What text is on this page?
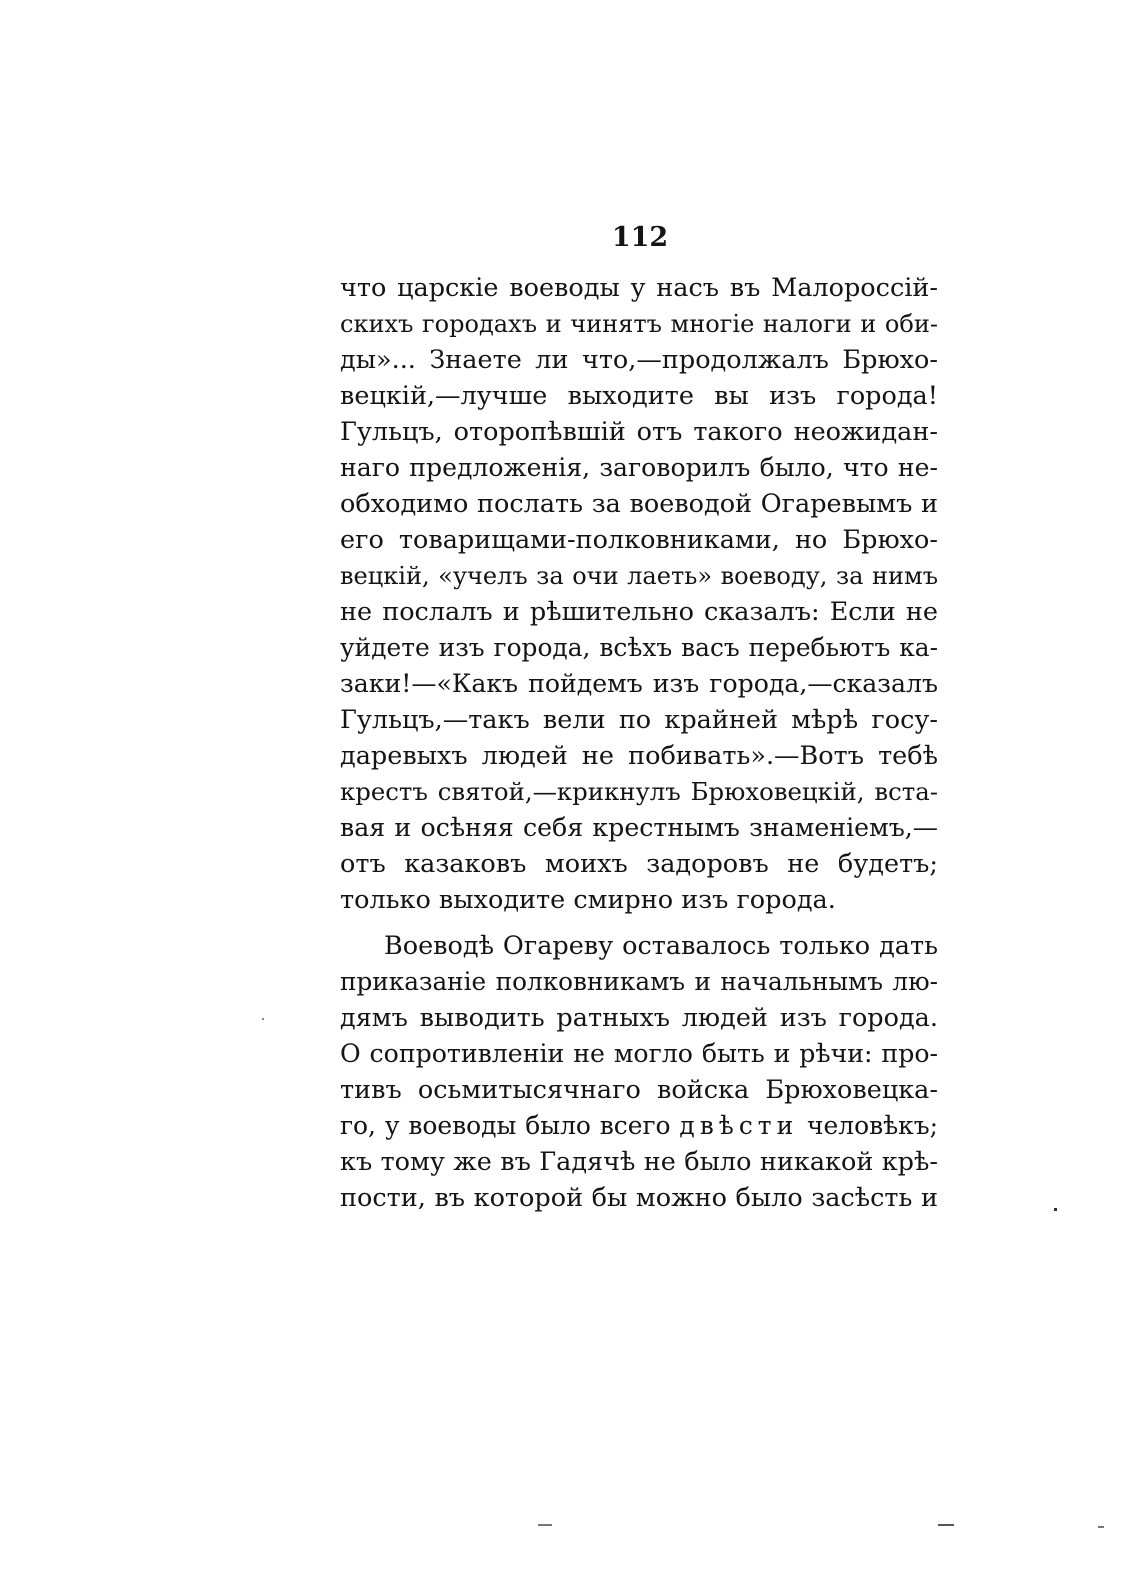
112
что царскіе воеводы у насъ въ Малороссій-
скихъ городахъ и чинятъ многіе налоги и оби-
ды»... Знаете ли что,—продолжалъ Брюхо-
вецкій,—лучше выходите вы изъ города!
Гульцъ, оторопѣвшій отъ такого неожидан-
наго предложенія, заговорилъ было, что не-
обходимо послать за воеводой Огаревымъ и
его товарищами-полковниками, но Брюхо-
вецкій, «учелъ за очи лаеть» воеводу, за нимъ
не послалъ и рѣшительно сказалъ: Если не
уйдете изъ города, всѣхъ васъ перебьютъ ка-
заки!—«Какъ пойдемъ изъ города,—сказалъ
Гульцъ,—такъ вели по крайней мѣрѣ госу-
даревыхъ людей не побивать».—Вотъ тебѣ
крестъ святой,—крикнулъ Брюховецкій, вста-
вая и осѣняя себя крестнымъ знаменіемъ,—
отъ казаковъ моихъ задоровъ не будетъ;
только выходите смирно изъ города.
Воеводѣ Огареву оставалось только дать
приказаніе полковникамъ и начальнымъ лю-
дямъ выводить ратныхъ людей изъ города.
О сопротивленіи не могло быть и рѣчи: про-
тивъ осьмитысячнаго войска Брюховецка-
го, у воеводы было всего двѣсти человѣкъ;
къ тому же въ Гадячѣ не было никакой крѣ-
пости, въ которой бы можно было засѣсть и
